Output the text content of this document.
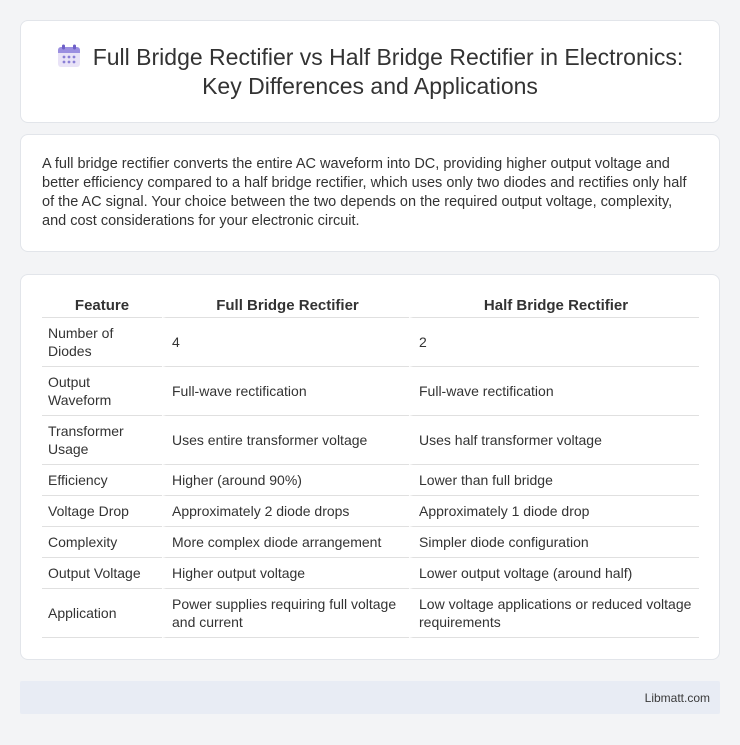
Full Bridge Rectifier vs Half Bridge Rectifier in Electronics: Key Differences and Applications

A full bridge rectifier converts the entire AC waveform into DC, providing higher output voltage and better efficiency compared to a half bridge rectifier, which uses only two diodes and rectifies only half of the AC signal. Your choice between the two depends on the required output voltage, complexity, and cost considerations for your electronic circuit.

Feature	Full Bridge Rectifier	Half Bridge Rectifier
Number of Diodes	4	2
Output Waveform	Full-wave rectification	Full-wave rectification
Transformer Usage	Uses entire transformer voltage	Uses half transformer voltage
Efficiency	Higher (around 90%)	Lower than full bridge
Voltage Drop	Approximately 2 diode drops	Approximately 1 diode drop
Complexity	More complex diode arrangement	Simpler diode configuration
Output Voltage	Higher output voltage	Lower output voltage (around half)
Application	Power supplies requiring full voltage and current	Low voltage applications or reduced voltage requirements
Libmatt.com
